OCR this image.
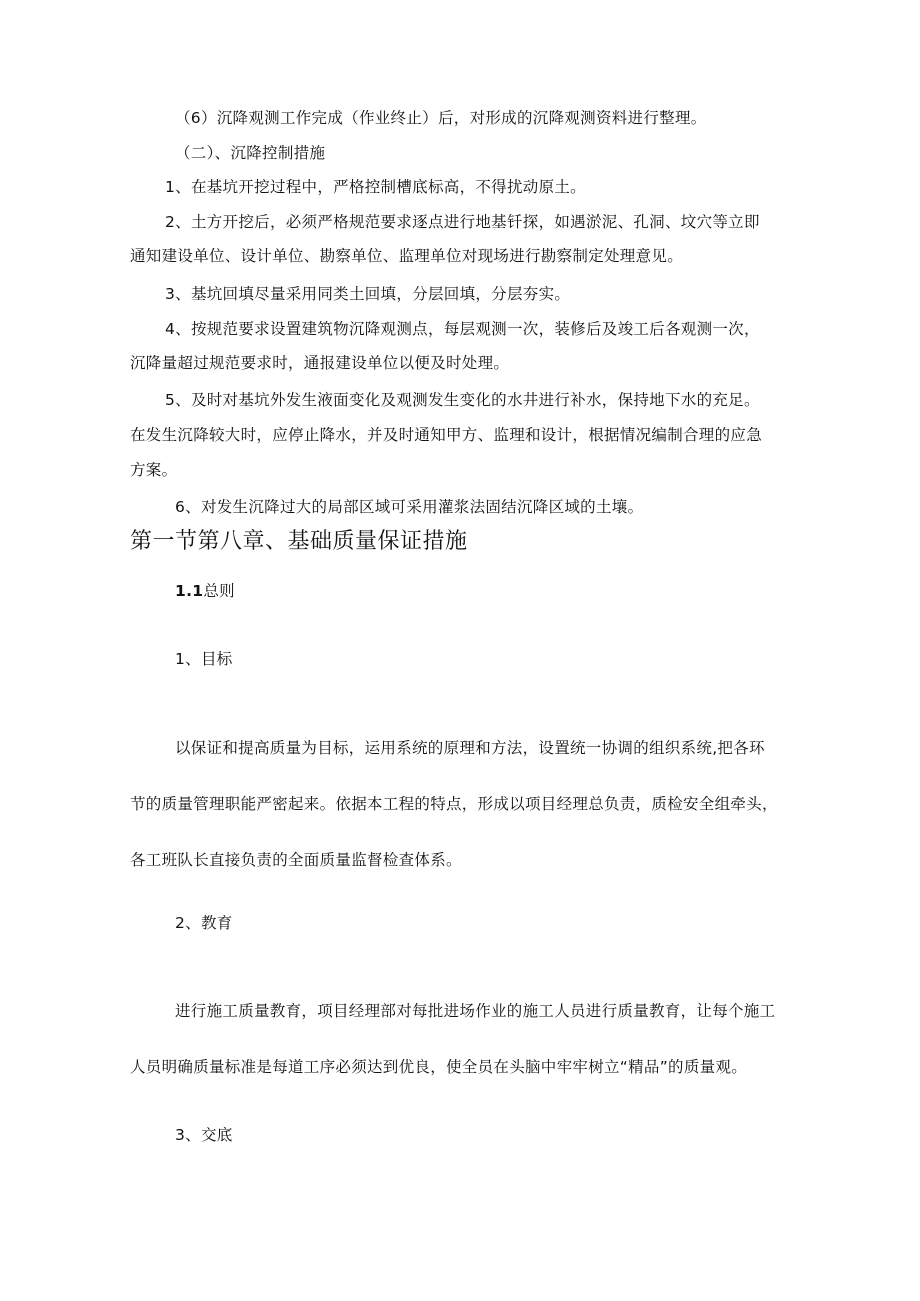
（6）沉降观测工作完成（作业终止）后，对形成的沉降观测资料进行整理。

（二）、沉降控制措施

1、在基坑开挖过程中，严格控制槽底标高，不得扰动原土。

2、土方开挖后，必须严格规范要求逐点进行地基钎探，如遇淤泥、孔洞、坟穴等立即

通知建设单位、设计单位、勘察单位、监理单位对现场进行勘察制定处理意见。

3、基坑回填尽量采用同类土回填，分层回填，分层夯实。

4、按规范要求设置建筑物沉降观测点，每层观测一次，装修后及竣工后各观测一次，

沉降量超过规范要求时，通报建设单位以便及时处理。

5、及时对基坑外发生液面变化及观测发生变化的水井进行补水，保持地下水的充足。

在发生沉降较大时，应停止降水，并及时通知甲方、监理和设计，根据情况编制合理的应急

方案。

6、对发生沉降过大的局部区域可采用灌浆法固结沉降区域的土壤。

第一节第八章、基础质量保证措施

1.1总则

1、目标

以保证和提高质量为目标，运用系统的原理和方法，设置统一协调的组织系统,把各环

节的质量管理职能严密起来。依据本工程的特点，形成以项目经理总负责，质检安全组牵头，

各工班队长直接负责的全面质量监督检查体系。

2、教育

进行施工质量教育，项目经理部对每批进场作业的施工人员进行质量教育，让每个施工

人员明确质量标准是每道工序必须达到优良，使全员在头脑中牢牢树立“精品”的质量观。

3、交底
